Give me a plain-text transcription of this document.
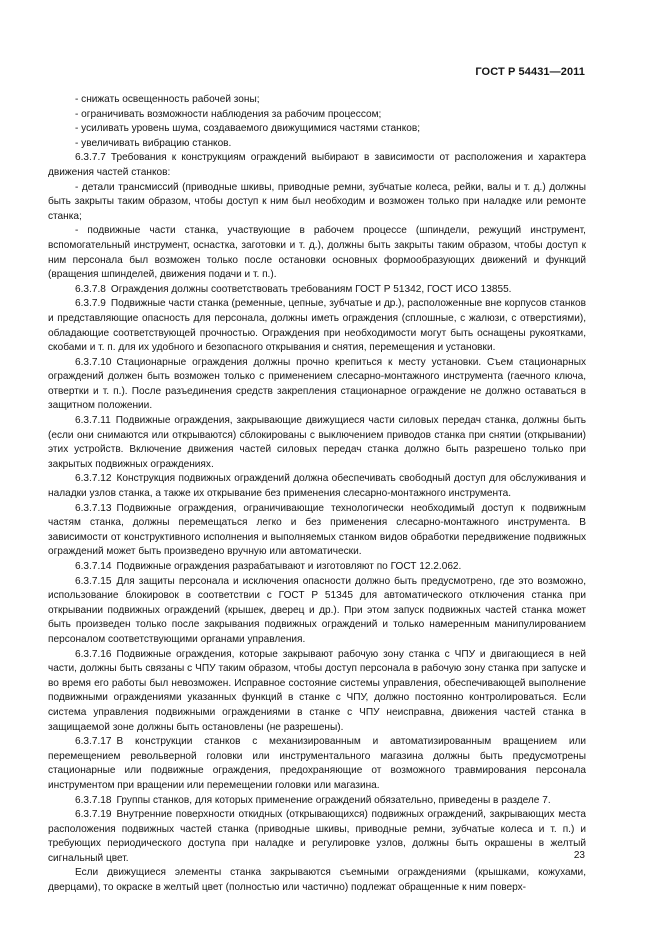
ГОСТ Р 54431—2011

- снижать освещенность рабочей зоны;

- ограничивать возможности наблюдения за рабочим процессом;

- усиливать уровень шума, создаваемого движущимися частями станков;

- увеличивать вибрацию станков.

6.3.7.7 Требования к конструкциям ограждений выбирают в зависимости от расположения и характера движения частей станков:

- детали трансмиссий (приводные шкивы, приводные ремни, зубчатые колеса, рейки, валы и т. д.) должны быть закрыты таким образом, чтобы доступ к ним был необходим и возможен только при наладке или ремонте станка;

- подвижные части станка, участвующие в рабочем процессе (шпиндели, режущий инструмент, вспомогательный инструмент, оснастка, заготовки и т. д.), должны быть закрыты таким образом, чтобы доступ к ним персонала был возможен только после остановки основных формообразующих движений и функций (вращения шпинделей, движения подачи и т. п.).

6.3.7.8 Ограждения должны соответствовать требованиям ГОСТ Р 51342, ГОСТ ИСО 13855.

6.3.7.9 Подвижные части станка (ременные, цепные, зубчатые и др.), расположенные вне корпусов станков и представляющие опасность для персонала, должны иметь ограждения (сплошные, с жалюзи, с отверстиями), обладающие соответствующей прочностью. Ограждения при необходимости могут быть оснащены рукоятками, скобами и т. п. для их удобного и безопасного открывания и снятия, перемещения и установки.

6.3.7.10 Стационарные ограждения должны прочно крепиться к месту установки. Съем стационарных ограждений должен быть возможен только с применением слесарно-монтажного инструмента (гаечного ключа, отвертки и т. п.). После разъединения средств закрепления стационарное ограждение не должно оставаться в защитном положении.

6.3.7.11 Подвижные ограждения, закрывающие движущиеся части силовых передач станка, должны быть (если они снимаются или открываются) сблокированы с выключением приводов станка при снятии (открывании) этих устройств. Включение движения частей силовых передач станка должно быть разрешено только при закрытых подвижных ограждениях.

6.3.7.12 Конструкция подвижных ограждений должна обеспечивать свободный доступ для обслуживания и наладки узлов станка, а также их открывание без применения слесарно-монтажного инструмента.

6.3.7.13 Подвижные ограждения, ограничивающие технологически необходимый доступ к подвижным частям станка, должны перемещаться легко и без применения слесарно-монтажного инструмента. В зависимости от конструктивного исполнения и выполняемых станком видов обработки передвижение подвижных ограждений может быть произведено вручную или автоматически.

6.3.7.14 Подвижные ограждения разрабатывают и изготовляют по ГОСТ 12.2.062.

6.3.7.15 Для защиты персонала и исключения опасности должно быть предусмотрено, где это возможно, использование блокировок в соответствии с ГОСТ Р 51345 для автоматического отключения станка при открывании подвижных ограждений (крышек, дверец и др.). При этом запуск подвижных частей станка может быть произведен только после закрывания подвижных ограждений и только намеренным манипулированием персоналом соответствующими органами управления.

6.3.7.16 Подвижные ограждения, которые закрывают рабочую зону станка с ЧПУ и двигающиеся в ней части, должны быть связаны с ЧПУ таким образом, чтобы доступ персонала в рабочую зону станка при запуске и во время его работы был невозможен. Исправное состояние системы управления, обеспечивающей выполнение подвижными ограждениями указанных функций в станке с ЧПУ, должно постоянно контролироваться. Если система управления подвижными ограждениями в станке с ЧПУ неисправна, движения частей станка в защищаемой зоне должны быть остановлены (не разрешены).

6.3.7.17 В конструкции станков с механизированным и автоматизированным вращением или перемещением револьверной головки или инструментального магазина должны быть предусмотрены стационарные или подвижные ограждения, предохраняющие от возможного травмирования персонала инструментом при вращении или перемещении головки или магазина.

6.3.7.18 Группы станков, для которых применение ограждений обязательно, приведены в разделе 7.

6.3.7.19 Внутренние поверхности откидных (открывающихся) подвижных ограждений, закрывающих места расположения подвижных частей станка (приводные шкивы, приводные ремни, зубчатые колеса и т. п.) и требующих периодического доступа при наладке и регулировке узлов, должны быть окрашены в желтый сигнальный цвет.

Если движущиеся элементы станка закрываются съемными ограждениями (крышками, кожухами, дверцами), то окраске в желтый цвет (полностью или частично) подлежат обращенные к ним поверх-

23
